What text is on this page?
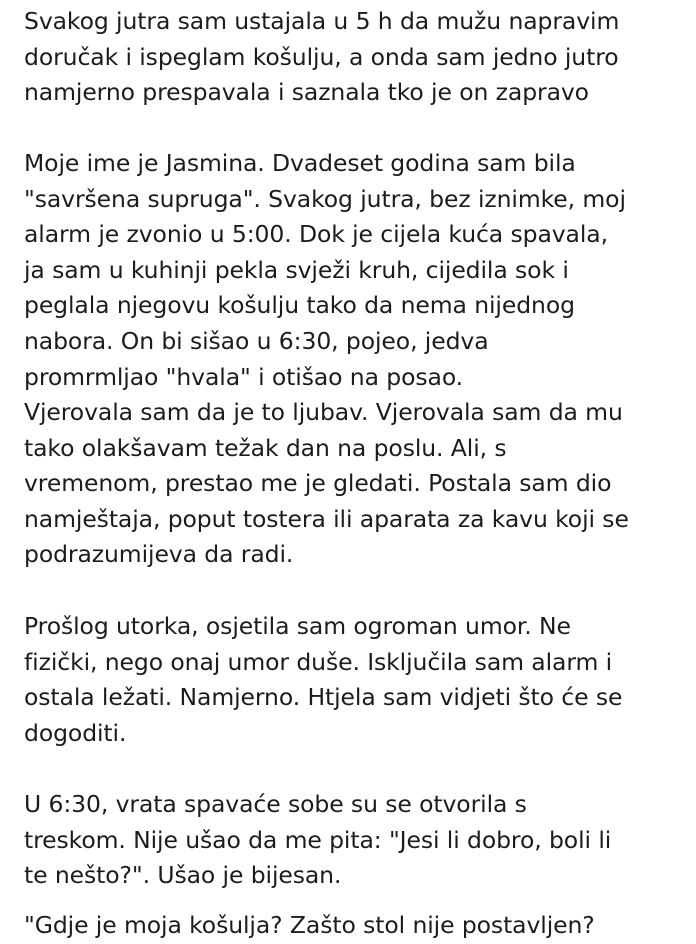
Svakog jutra sam ustajala u 5 h da mužu napravim
doručak i ispeglam košulju, a onda sam jedno jutro
namjerno prespavala i saznala tko je on zapravo
Moje ime je Jasmina. Dvadeset godina sam bila
"savršena supruga". Svakog jutra, bez iznimke, moj
alarm je zvonio u 5:00. Dok je cijela kuća spavala,
ja sam u kuhinji pekla svježi kruh, cijedila sok i
peglala njegovu košulju tako da nema nijednog
nabora. On bi sišao u 6:30, pojeo, jedva
promrmljao "hvala" i otišao na posao.
Vjerovala sam da je to ljubav. Vjerovala sam da mu
tako olakšavam težak dan na poslu. Ali, s
vremenom, prestao me je gledati. Postala sam dio
namještaja, poput tostera ili aparata za kavu koji se
podrazumijeva da radi.
Prošlog utorka, osjetila sam ogroman umor. Ne
fizički, nego onaj umor duše. Isključila sam alarm i
ostala ležati. Namjerno. Htjela sam vidjeti što će se
dogoditi.
U 6:30, vrata spavaće sobe su se otvorila s
treskom. Nije ušao da me pita: "Jesi li dobro, boli li
te nešto?". Ušao je bijesan.
"Gdje je moja košulja? Zašto stol nije postavljen?
